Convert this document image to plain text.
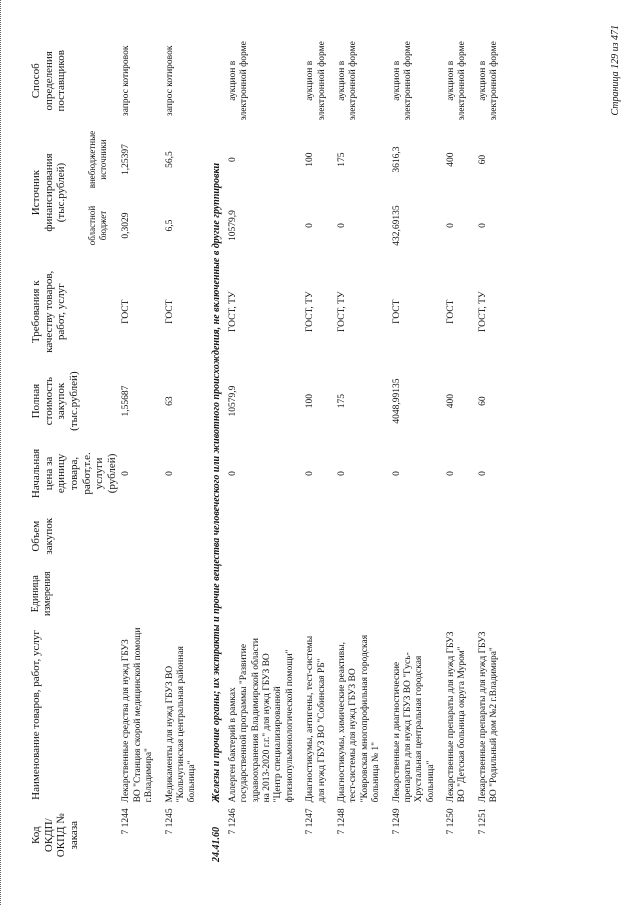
Код ОКДП/ ОКПД № заказа	Наименование товаров, работ, услуг	Единица измерения	Объем закупок	Начальная цена за единицу товара, работ,т.е. услуги (рублей)	Полная стоимость закупок (тыс.рублей)	Требования к качеству товаров, работ, услуг	Источник финансирования (тыс.рублей)		Способ определения поставщиков
							областной бюджет	внебюджетные источники	
7 1244	Лекарственные средства для нужд ГБУЗ ВО "Станция скорой медицинской помощи г.Владимира"			0	1,55687	ГОСТ	0,3029	1,25397	запрос котировок
7 1245	Медикаменты для нужд ГБУЗ ВО "Кольчугинская центральная районная больница"			0	63	ГОСТ	6,5	56,5	запрос котировок
24.41.60	Железы и прочие органы; их экстракты и прочие вещества человеческого или животного происхождения, не включенные в другие группировки								
7 1246	Аллерген бактерий в рамках государственной программы "Развитие здравоохранения Владимирской области на 2013-2020 г.г." для нужд ГБУЗ ВО "Центр специализированной фтизиопульмонологической помощи"			0	10579,9	ГОСТ, ТУ	10579,9	0	аукцион в электронной форме
7 1247	Диагностикумы, антигены, тест-системы для нужд ГБУЗ ВО "Собинская РБ"			0	100	ГОСТ, ТУ	0	100	аукцион в электронной форме
7 1248	Диагностикумы, химические реактивы, тест-системы для нужд ГБУЗ ВО "Ковровская многопрофильная городская больница № 1"			0	175	ГОСТ, ТУ	0	175	аукцион в электронной форме
7 1249	Лекарственные и диагностические препараты для нужд ГБУЗ ВО "Гусь-Хрустальная центральная городская больница"			0	4048,99135	ГОСТ	432,69135	3616,3	аукцион в электронной форме
7 1250	Лекарственные препараты для нужд ГБУЗ ВО "Детская больница округа Муром"			0	400	ГОСТ	0	400	аукцион в электронной форме
7 1251	Лекарственные препараты для нужд ГБУЗ ВО "Родильный дом №2 г.Владимира"			0	60	ГОСТ, ТУ	0	60	аукцион в электронной форме	Страница 129 из 471
